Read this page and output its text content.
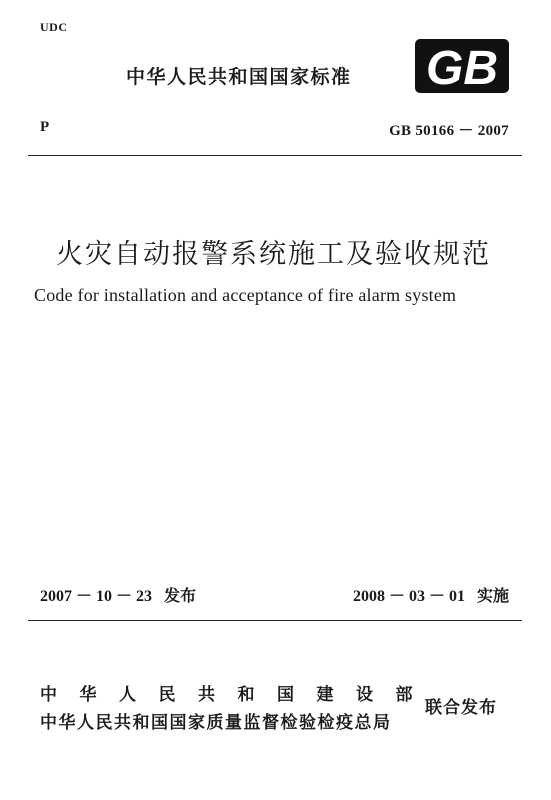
UDC
中华人民共和国国家标准 GB
P	GB 50166 － 2007
火灾自动报警系统施工及验收规范
Code for installation and acceptance of fire alarm system
2007 － 10 － 23 发布	2008 － 03 － 01 实施
中华人民共和国建设部
中华人民共和国国家质量监督检验检疫总局
联合发布
